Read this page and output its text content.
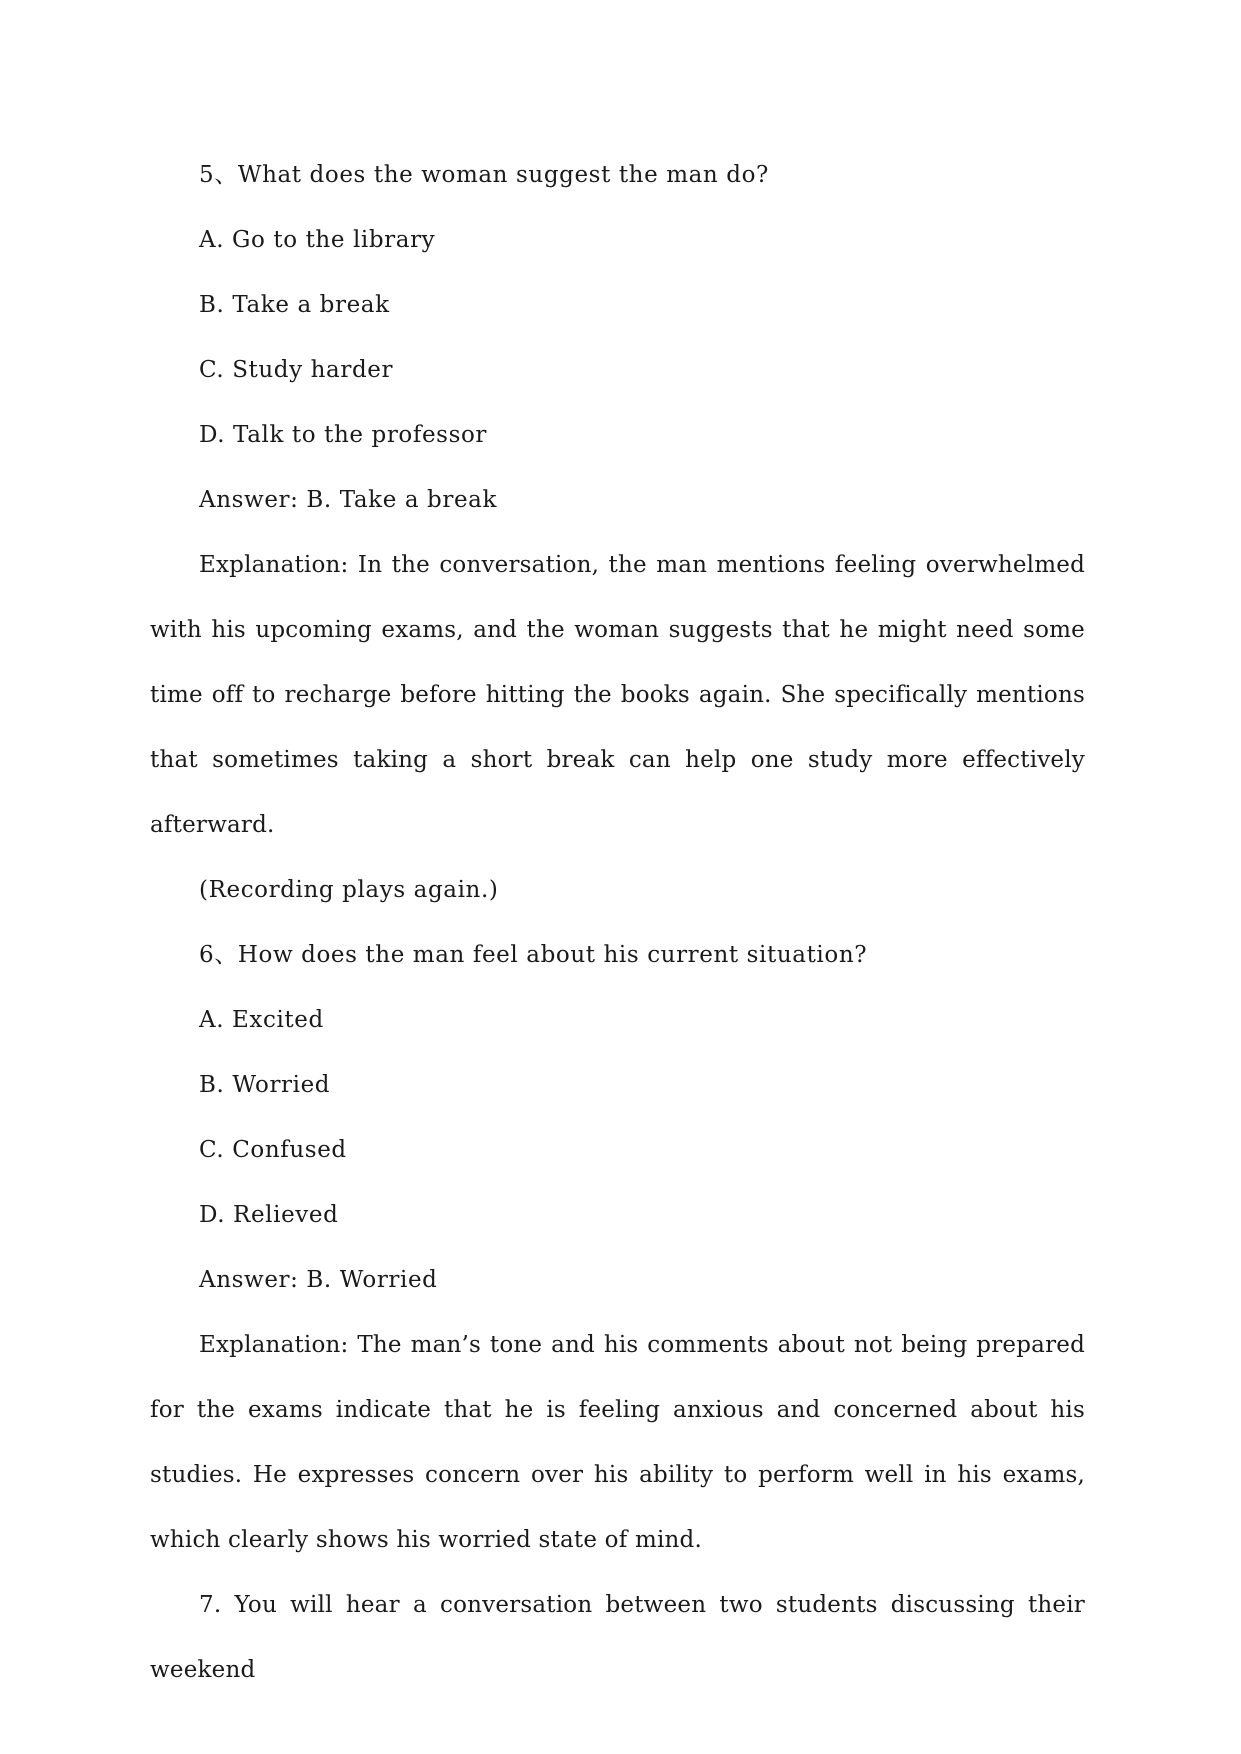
5、What does the woman suggest the man do?
A. Go to the library
B. Take a break
C. Study harder
D. Talk to the professor
Answer: B. Take a break

Explanation: In the conversation, the man mentions feeling overwhelmed with his upcoming exams, and the woman suggests that he might need some time off to recharge before hitting the books again. She specifically mentions that sometimes taking a short break can help one study more effectively afterward.

(Recording plays again.)
6、How does the man feel about his current situation?
A. Excited
B. Worried
C. Confused
D. Relieved
Answer: B. Worried

Explanation: The man’s tone and his comments about not being prepared for the exams indicate that he is feeling anxious and concerned about his studies. He expresses concern over his ability to perform well in his exams, which clearly shows his worried state of mind.

7. You will hear a conversation between two students discussing their weekend
